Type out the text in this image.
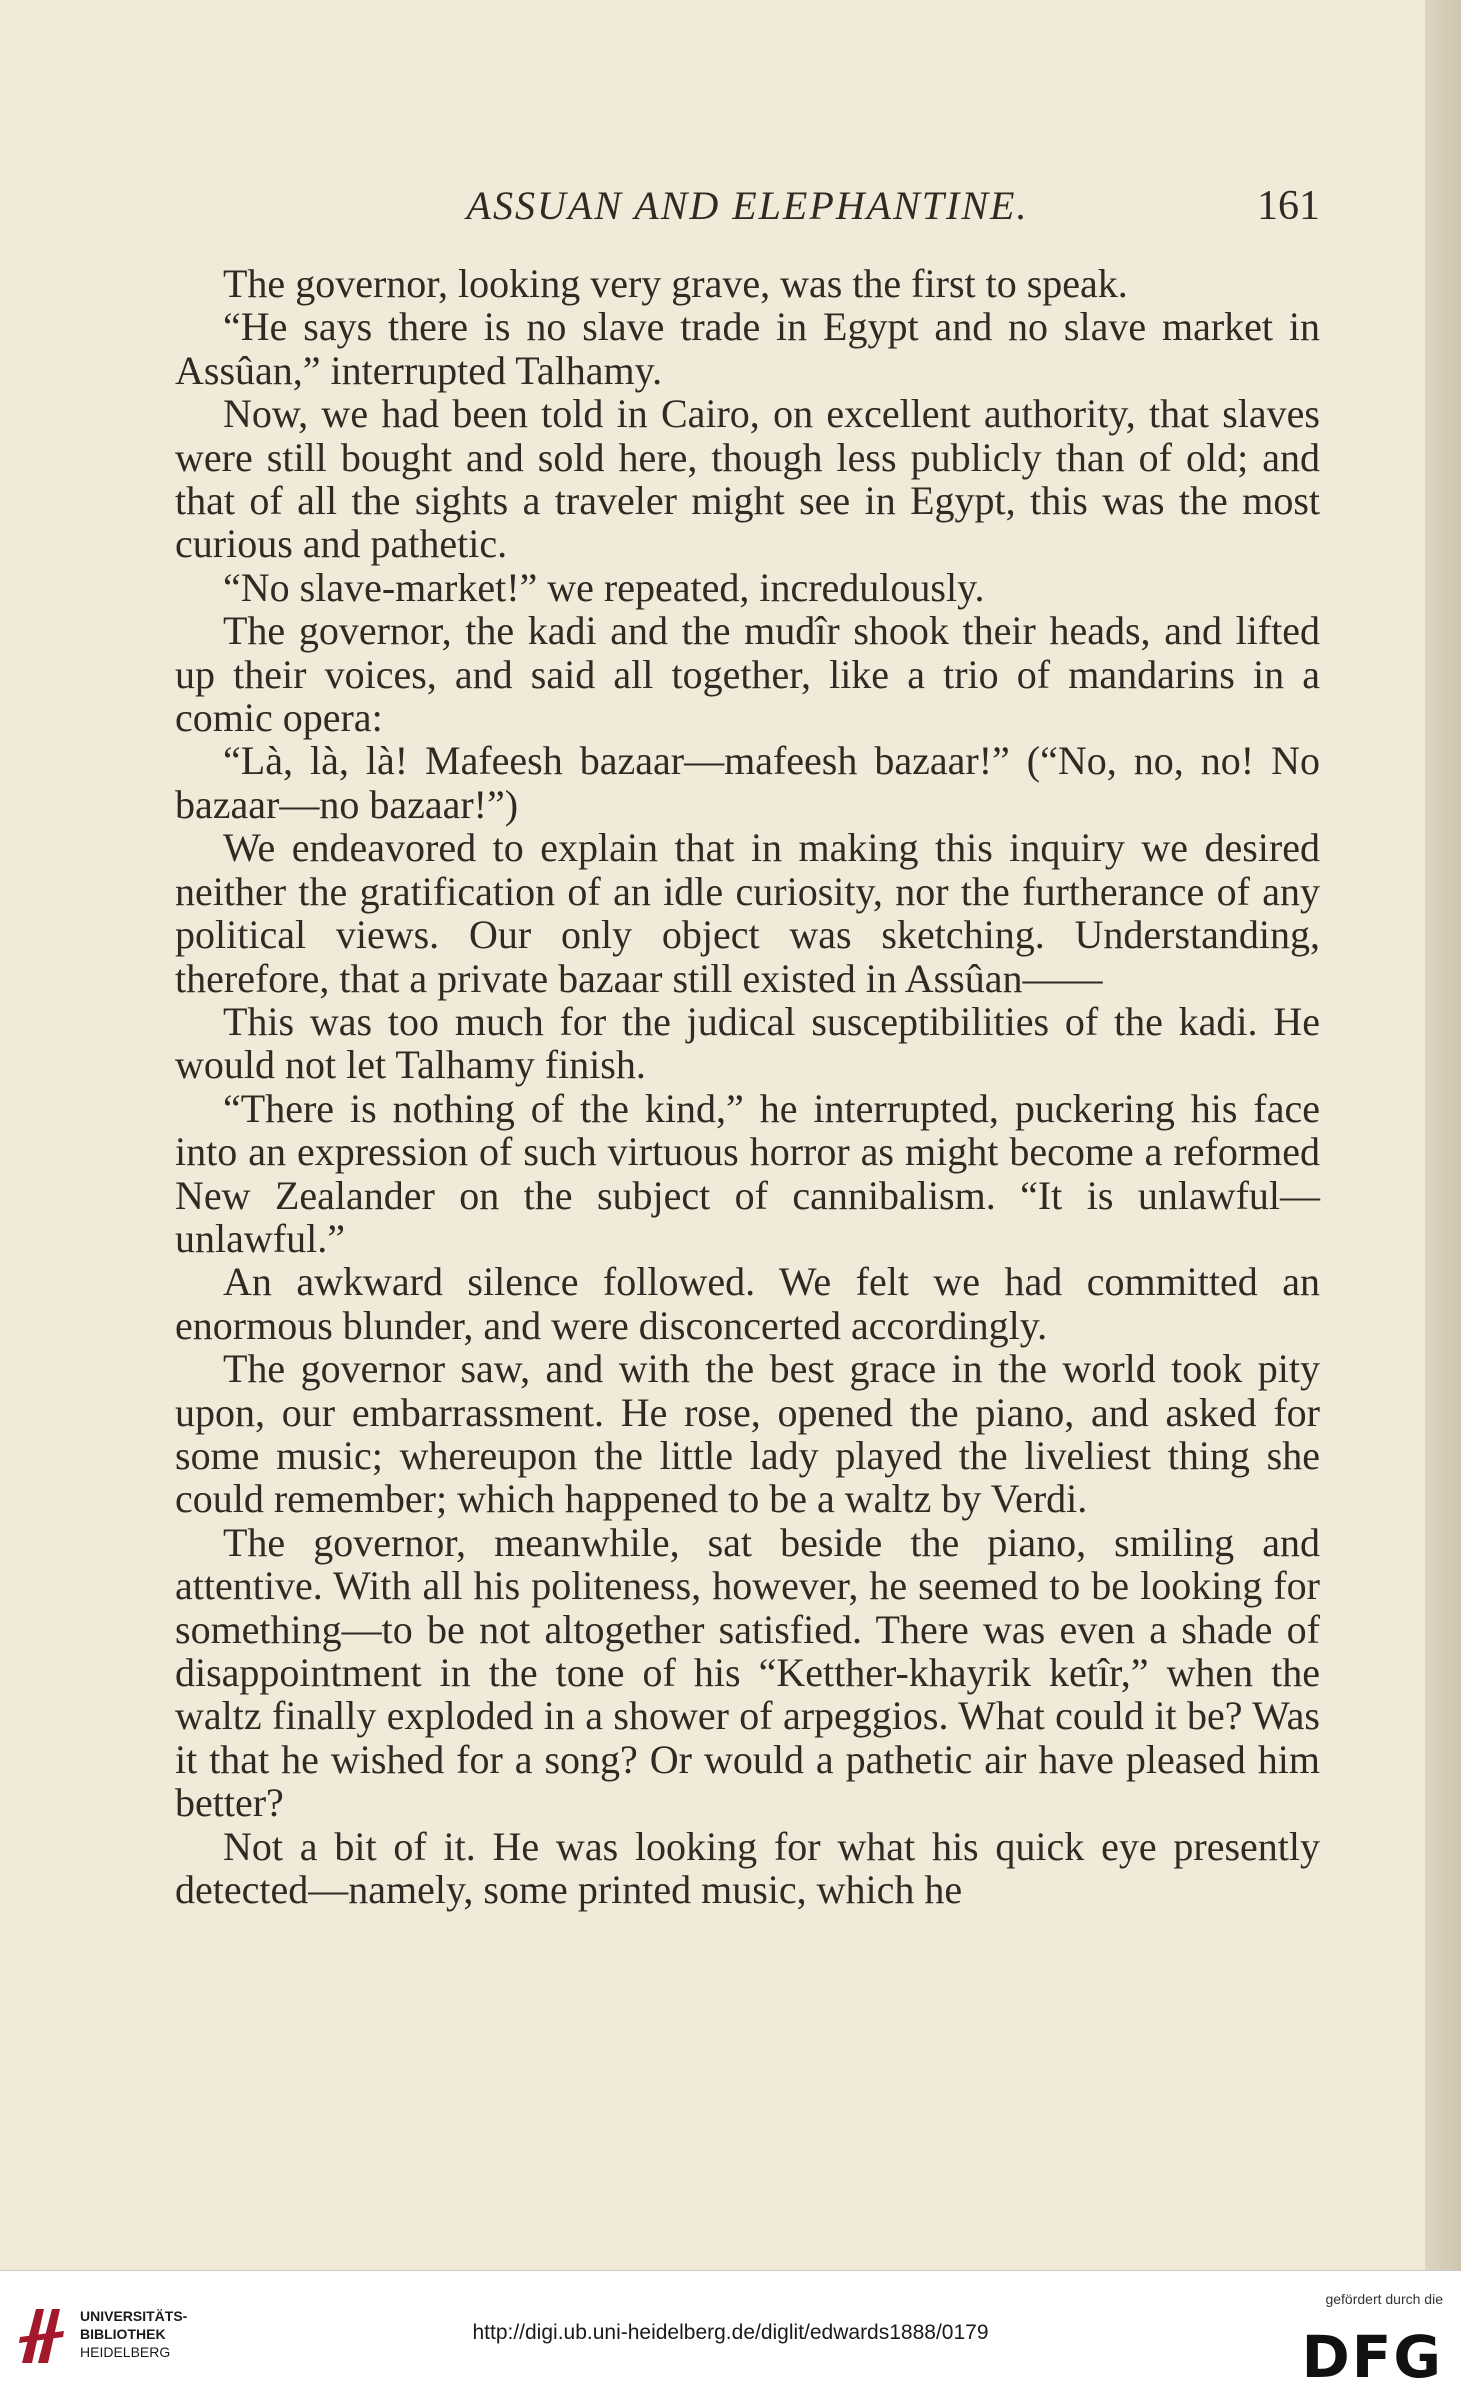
ASSUAN AND ELEPHANTINE.	161

The governor, looking very grave, was the first to speak.

“He says there is no slave trade in Egypt and no slave market in Assûan,” interrupted Talhamy.

Now, we had been told in Cairo, on excellent authority, that slaves were still bought and sold here, though less publicly than of old; and that of all the sights a traveler might see in Egypt, this was the most curious and pathetic.

“No slave-market!” we repeated, incredulously.

The governor, the kadi and the mudîr shook their heads, and lifted up their voices, and said all together, like a trio of mandarins in a comic opera:

“Là, là, là! Mafeesh bazaar—mafeesh bazaar!” (“No, no, no! No bazaar—no bazaar!”)

We endeavored to explain that in making this inquiry we desired neither the gratification of an idle curiosity, nor the furtherance of any political views. Our only object was sketching. Understanding, therefore, that a private bazaar still existed in Assûan——

This was too much for the judical susceptibilities of the kadi. He would not let Talhamy finish.

“There is nothing of the kind,” he interrupted, puckering his face into an expression of such virtuous horror as might become a reformed New Zealander on the subject of cannibalism. “It is unlawful—unlawful.”

An awkward silence followed. We felt we had committed an enormous blunder, and were disconcerted accordingly.

The governor saw, and with the best grace in the world took pity upon, our embarrassment. He rose, opened the piano, and asked for some music; whereupon the little lady played the liveliest thing she could remember; which happened to be a waltz by Verdi.

The governor, meanwhile, sat beside the piano, smiling and attentive. With all his politeness, however, he seemed to be looking for something—to be not altogether satisfied. There was even a shade of disappointment in the tone of his “Ketther-khayrik ketîr,” when the waltz finally exploded in a shower of arpeggios. What could it be? Was it that he wished for a song? Or would a pathetic air have pleased him better?

Not a bit of it. He was looking for what his quick eye presently detected—namely, some printed music, which he

UNIVERSITÄTS-
BIBLIOTHEK
HEIDELBERG
http://digi.ub.uni-heidelberg.de/diglit/edwards1888/0179
gefördert durch die
DFG
